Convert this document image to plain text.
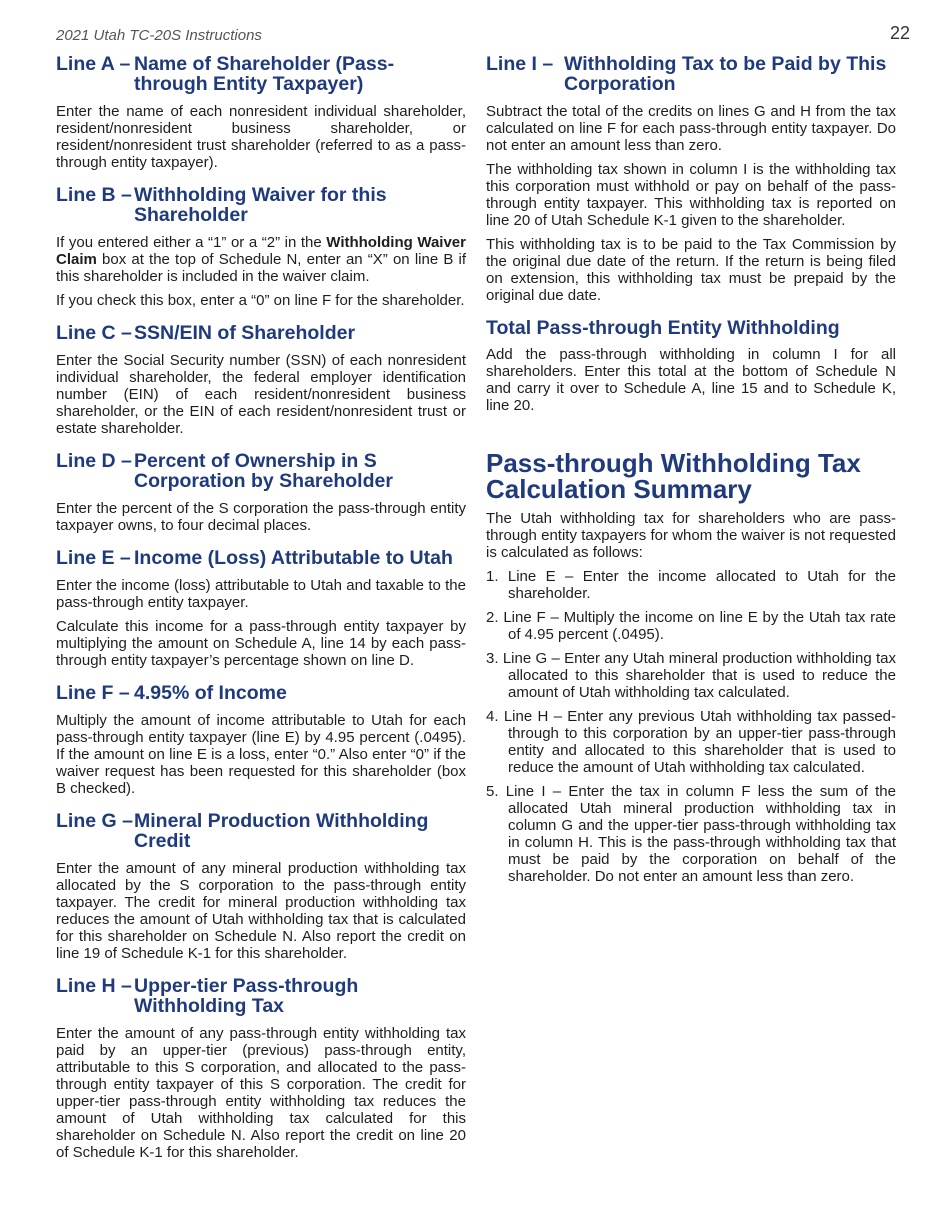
2021 Utah TC-20S Instructions	22
Line A – Name of Shareholder (Pass-through Entity Taxpayer)

Enter the name of each nonresident individual shareholder, resident/nonresident business shareholder, or resident/nonresident trust shareholder (referred to as a pass-through entity taxpayer).

Line B – Withholding Waiver for this Shareholder

If you entered either a “1” or a “2” in the Withholding Waiver Claim box at the top of Schedule N, enter an “X” on line B if this shareholder is included in the waiver claim.

If you check this box, enter a “0” on line F for the shareholder.

Line C – SSN/EIN of Shareholder

Enter the Social Security number (SSN) of each nonresident individual shareholder, the federal employer identification number (EIN) of each resident/nonresident business shareholder, or the EIN of each resident/nonresident trust or estate shareholder.

Line D – Percent of Ownership in S Corporation by Shareholder

Enter the percent of the S corporation the pass-through entity taxpayer owns, to four decimal places.

Line E – Income (Loss) Attributable to Utah

Enter the income (loss) attributable to Utah and taxable to the pass-through entity taxpayer.

Calculate this income for a pass-through entity taxpayer by multiplying the amount on Schedule A, line 14 by each pass-through entity taxpayer’s percentage shown on line D.

Line F – 4.95% of Income

Multiply the amount of income attributable to Utah for each pass-through entity taxpayer (line E) by 4.95 percent (.0495). If the amount on line E is a loss, enter “0.” Also enter “0” if the waiver request has been requested for this shareholder (box B checked).

Line G – Mineral Production Withholding Credit

Enter the amount of any mineral production withholding tax allocated by the S corporation to the pass-through entity taxpayer. The credit for mineral production withholding tax reduces the amount of Utah withholding tax that is calculated for this shareholder on Schedule N. Also report the credit on line 19 of Schedule K-1 for this shareholder.

Line H – Upper-tier Pass-through Withholding Tax

Enter the amount of any pass-through entity withholding tax paid by an upper-tier (previous) pass-through entity, attributable to this S corporation, and allocated to the pass-through entity taxpayer of this S corporation. The credit for upper-tier pass-through entity withholding tax reduces the amount of Utah withholding tax calculated for this shareholder on Schedule N. Also report the credit on line 20 of Schedule K-1 for this shareholder.

Line I – Withholding Tax to be Paid by This Corporation

Subtract the total of the credits on lines G and H from the tax calculated on line F for each pass-through entity taxpayer. Do not enter an amount less than zero.

The withholding tax shown in column I is the withholding tax this corporation must withhold or pay on behalf of the pass-through entity taxpayer. This withholding tax is reported on line 20 of Utah Schedule K-1 given to the shareholder.

This withholding tax is to be paid to the Tax Commission by the original due date of the return. If the return is being filed on extension, this withholding tax must be prepaid by the original due date.

Total Pass-through Entity Withholding

Add the pass-through withholding in column I for all shareholders. Enter this total at the bottom of Schedule N and carry it over to Schedule A, line 15 and to Schedule K, line 20.

Pass-through Withholding Tax Calculation Summary

The Utah withholding tax for shareholders who are pass-through entity taxpayers for whom the waiver is not requested is calculated as follows:

1. Line E – Enter the income allocated to Utah for the shareholder.
2. Line F – Multiply the income on line E by the Utah tax rate of 4.95 percent (.0495).
3. Line G – Enter any Utah mineral production withholding tax allocated to this shareholder that is used to reduce the amount of Utah withholding tax calculated.
4. Line H – Enter any previous Utah withholding tax passed-through to this corporation by an upper-tier pass-through entity and allocated to this shareholder that is used to reduce the amount of Utah withholding tax calculated.
5. Line I – Enter the tax in column F less the sum of the allocated Utah mineral production withholding tax in column G and the upper-tier pass-through withholding tax in column H. This is the pass-through withholding tax that must be paid by the corporation on behalf of the shareholder. Do not enter an amount less than zero.
